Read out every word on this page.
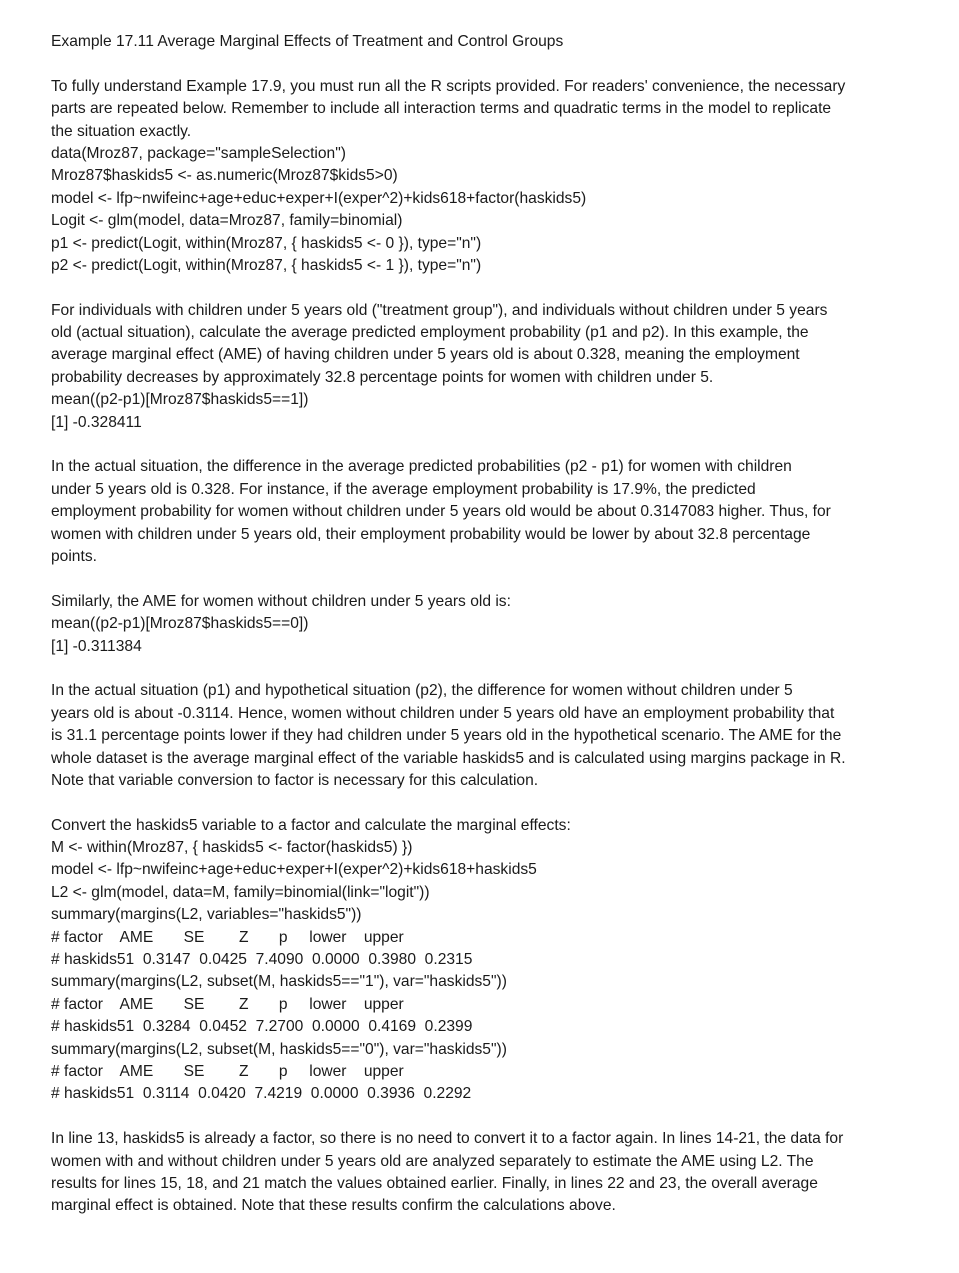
Example 17.11 Average Marginal Effects of Treatment and Control Groups
To fully understand Example 17.9, you must run all the R scripts provided. For readers' convenience, the necessary
parts are repeated below. Remember to include all interaction terms and quadratic terms in the model to replicate
the situation exactly.
data(Mroz87, package="sampleSelection")
Mroz87$haskids5 <- as.numeric(Mroz87$kids5>0)
model <- lfp~nwifeinc+age+educ+exper+I(exper^2)+kids618+factor(haskids5)
Logit <- glm(model, data=Mroz87, family=binomial)
p1 <- predict(Logit, within(Mroz87, { haskids5 <- 0 }), type="n")
p2 <- predict(Logit, within(Mroz87, { haskids5 <- 1 }), type="n")
For individuals with children under 5 years old ("treatment group"), and individuals without children under 5 years
old (actual situation), calculate the average predicted employment probability (p1 and p2). In this example, the
average marginal effect (AME) of having children under 5 years old is about 0.328, meaning the employment
probability decreases by approximately 32.8 percentage points for women with children under 5.
mean((p2-p1)[Mroz87$haskids5==1])
[1] -0.328411
In the actual situation, the difference in the average predicted probabilities (p2 - p1) for women with children
under 5 years old is 0.328. For instance, if the average employment probability is 17.9%, the predicted
employment probability for women without children under 5 years old would be about 0.3147083 higher. Thus, for
women with children under 5 years old, their employment probability would be lower by about 32.8 percentage
points.
Similarly, the AME for women without children under 5 years old is:
mean((p2-p1)[Mroz87$haskids5==0])
[1] -0.311384
In the actual situation (p1) and hypothetical situation (p2), the difference for women without children under 5
years old is about -0.3114. Hence, women without children under 5 years old have an employment probability that
is 31.1 percentage points lower if they had children under 5 years old in the hypothetical scenario. The AME for the
whole dataset is the average marginal effect of the variable haskids5 and is calculated using margins package in R.
Note that variable conversion to factor is necessary for this calculation.
Convert the haskids5 variable to a factor and calculate the marginal effects:
M <- within(Mroz87, { haskids5 <- factor(haskids5) })
model <- lfp~nwifeinc+age+educ+exper+I(exper^2)+kids618+haskids5
L2 <- glm(model, data=M, family=binomial(link="logit"))
summary(margins(L2, variables="haskids5"))
# factor    AME       SE        Z       p     lower    upper
# haskids51  0.3147  0.0425  7.4090  0.0000  0.3980  0.2315
summary(margins(L2, subset(M, haskids5=="1"), var="haskids5"))
# factor    AME       SE        Z       p     lower    upper
# haskids51  0.3284  0.0452  7.2700  0.0000  0.4169  0.2399
summary(margins(L2, subset(M, haskids5=="0"), var="haskids5"))
# factor    AME       SE        Z       p     lower    upper
# haskids51  0.3114  0.0420  7.4219  0.0000  0.3936  0.2292
In line 13, haskids5 is already a factor, so there is no need to convert it to a factor again. In lines 14-21, the data for
women with and without children under 5 years old are analyzed separately to estimate the AME using L2. The
results for lines 15, 18, and 21 match the values obtained earlier. Finally, in lines 22 and 23, the overall average
marginal effect is obtained. Note that these results confirm the calculations above.
